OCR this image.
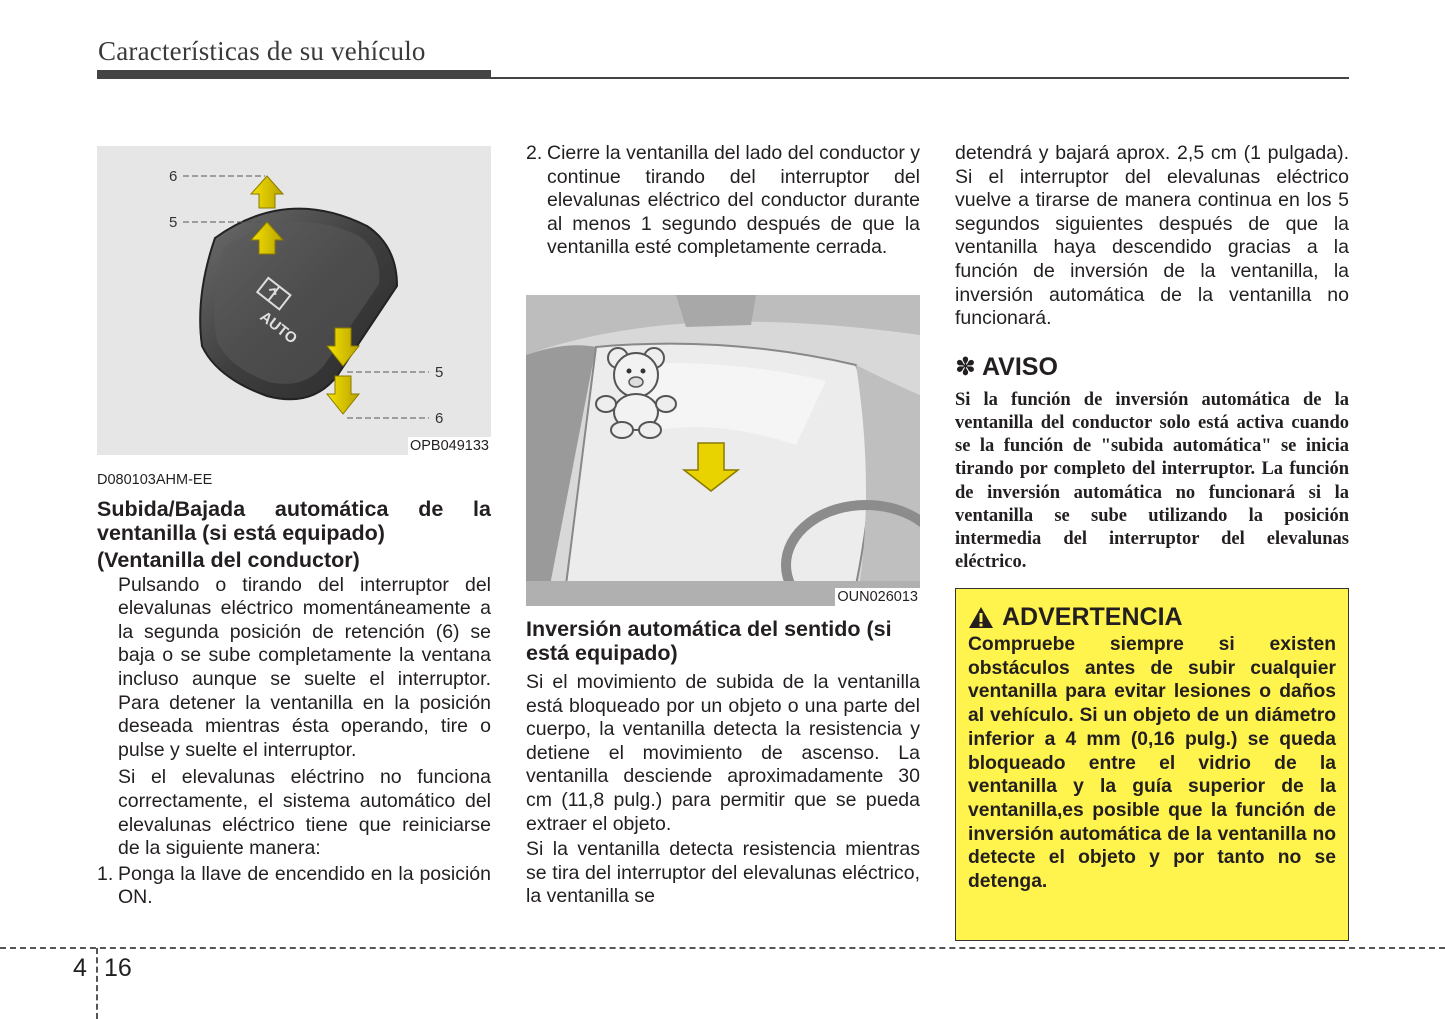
Características de su vehículo
AUTO
6
5
5
6
OPB049133
D080103AHM-EE
Subida/Bajada automática de la ventanilla (si está equipado)
(Ventanilla del conductor)

Pulsando o tirando del interruptor del elevalunas eléctrico momentáneamente a la segunda posición de retención (6) se baja o se sube completamente la ventana incluso aunque se suelte el interruptor. Para detener la ventanilla en la posición deseada mientras ésta operando, tire o pulse y suelte el interruptor.

Si el elevalunas eléctrino no funciona correctamente, el sistema automático del elevalunas eléctrico tiene que reiniciarse de la siguiente manera:

1. Ponga la llave de encendido en la posición ON.
2. Cierre la ventanilla del lado del conductor y continue tirando del interruptor del elevalunas eléctrico del conductor durante al menos 1 segundo después de que la ventanilla esté completamente cerrada.
OUN026013
Inversión automática del sentido (si está equipado)

Si el movimiento de subida de la ventanilla está bloqueado por un objeto o una parte del cuerpo, la ventanilla detecta la resistencia y detiene el movimiento de ascenso. La ventanilla desciende aproximadamente 30 cm (11,8 pulg.) para permitir que se pueda extraer el objeto.

Si la ventanilla detecta resistencia mientras se tira del interruptor del elevalunas eléctrico, la ventanilla se

detendrá y bajará aprox. 2,5 cm (1 pulgada). Si el interruptor del elevalunas eléctrico vuelve a tirarse de manera continua en los 5 segundos siguientes después de que la ventanilla haya descendido gracias a la función de inversión de la ventanilla, la inversión automática de la ventanilla no funcionará.

✽ AVISO
Si la función de inversión automática de la ventanilla del conductor solo está activa cuando se la función de "subida automática" se inicia tirando por completo del interruptor. La función de inversión automática no funcionará si la ventanilla se sube utilizando la posición intermedia del interruptor del elevalunas eléctrico.
ADVERTENCIA
Compruebe siempre si existen obstáculos antes de subir cualquier ventanilla para evitar lesiones o daños al vehículo. Si un objeto de un diámetro inferior a 4 mm (0,16 pulg.) se queda bloqueado entre el vidrio de la ventanilla y la guía superior de la ventanilla,es posible que la función de inversión automática de la ventanilla no detecte el objeto y por tanto no se detenga.
4 16
